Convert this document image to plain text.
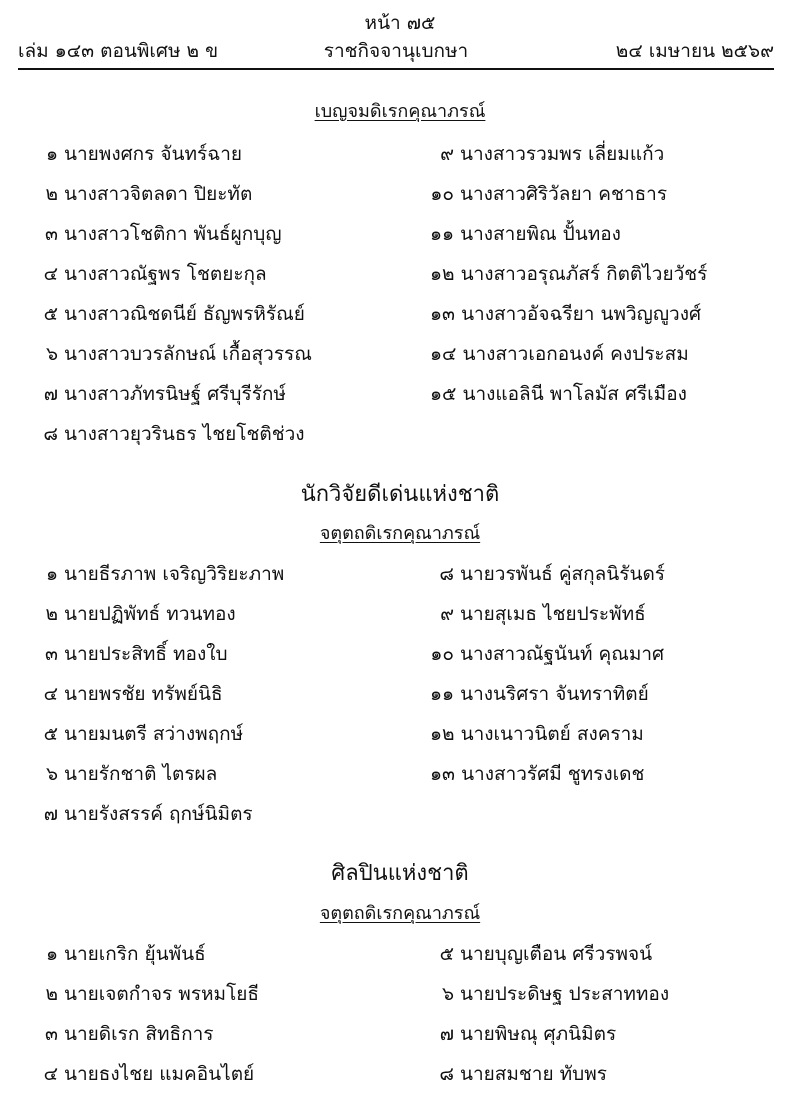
หน้า ๗๕
เล่ม ๑๔๓ ตอนพิเศษ ๒ ข	ราชกิจจานุเบกษา	๒๔ เมษายน ๒๕๖๙
เบญจมดิเรกคุณาภรณ์
๑ นายพงศกร จันทร์ฉาย
๒ นางสาวจิตลดา ปิยะทัต
๓ นางสาวโชติกา พันธ์ผูกบุญ
๔ นางสาวณัฐพร โชตยะกุล
๕ นางสาวณิชดนีย์ ธัญพรหิรัณย์
๖ นางสาวบวรลักษณ์ เกื้อสุวรรณ
๗ นางสาวภัทรนิษฐ์ ศรีบุรีรักษ์
๘ นางสาวยุวรินธร ไชยโชติช่วง
๙ นางสาวรวมพร เลี่ยมแก้ว
๑๐ นางสาวศิริวัลยา คชาธาร
๑๑ นางสายพิณ ปั้นทอง
๑๒ นางสาวอรุณภัสร์ กิตติไวยวัชร์
๑๓ นางสาวอัจฉรียา นพวิญญูวงศ์
๑๔ นางสาวเอกอนงค์ คงประสม
๑๕ นางแอลินี พาโลมัส ศรีเมือง
นักวิจัยดีเด่นแห่งชาติ
จตุตถดิเรกคุณาภรณ์
๑ นายธีรภาพ เจริญวิริยะภาพ
๒ นายปฏิพัทธ์ ทวนทอง
๓ นายประสิทธิ์ ทองใบ
๔ นายพรชัย ทรัพย์นิธิ
๕ นายมนตรี สว่างพฤกษ์
๖ นายรักชาติ ไตรผล
๗ นายรังสรรค์ ฤกษ์นิมิตร
๘ นายวรพันธ์ คู่สกุลนิรันดร์
๙ นายสุเมธ ไชยประพัทธ์
๑๐ นางสาวณัฐนันท์ คุณมาศ
๑๑ นางนริศรา จันทราทิตย์
๑๒ นางเนาวนิตย์ สงคราม
๑๓ นางสาวรัศมี ชูทรงเดช
ศิลปินแห่งชาติ
จตุตถดิเรกคุณาภรณ์
๑ นายเกริก ยุ้นพันธ์
๒ นายเจตกำจร พรหมโยธี
๓ นายดิเรก สิทธิการ
๔ นายธงไชย แมคอินไตย์
๕ นายบุญเตือน ศรีวรพจน์
๖ นายประดิษฐ ประสาททอง
๗ นายพิษณุ ศุภนิมิตร
๘ นายสมชาย ทับพร
